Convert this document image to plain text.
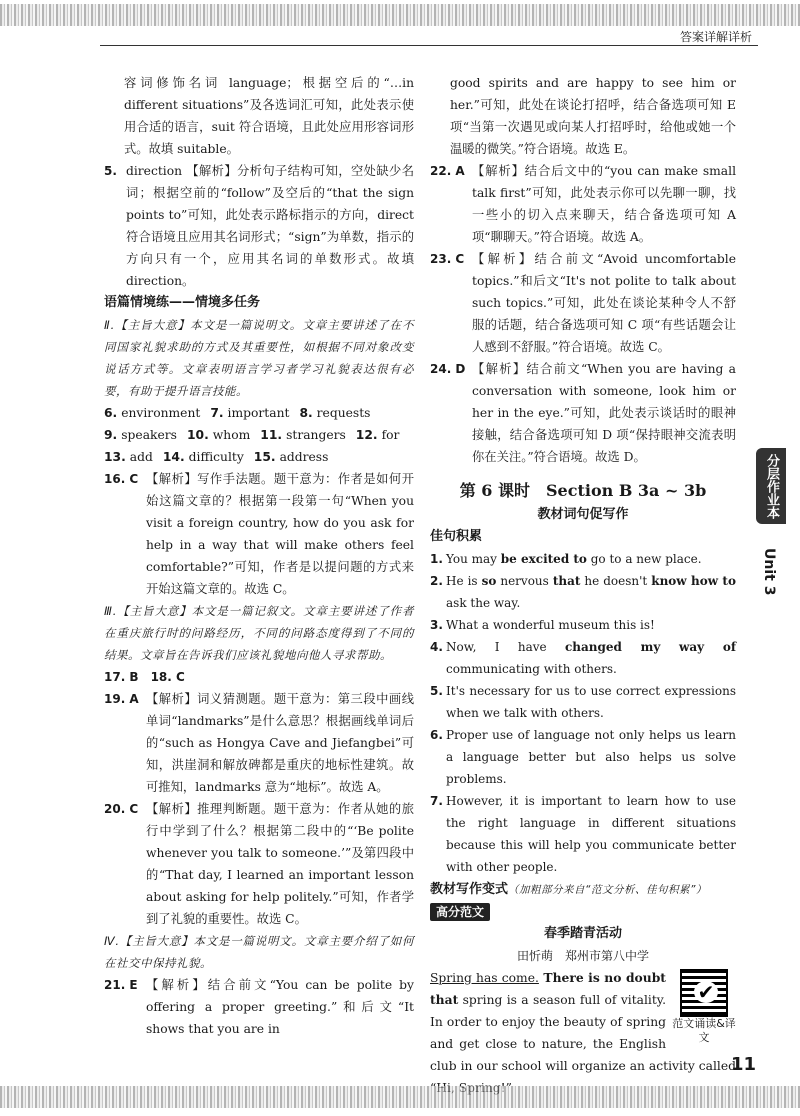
答案详解详析
容词修饰名词 language；根据空后的“…in different situations”及各选词汇可知，此处表示使用合适的语言，suit 符合语境，且此处应用形容词形式。故填 suitable。
5. direction 【解析】分析句子结构可知，空处缺少名词；根据空前的“follow”及空后的“that the sign points to”可知，此处表示路标指示的方向，direct 符合语境且应用其名词形式；“sign”为单数，指示的方向只有一个，应用其名词的单数形式。故填 direction。
语篇情境练——情境多任务
Ⅱ.【主旨大意】本文是一篇说明文。文章主要讲述了在不同国家礼貌求助的方式及其重要性，如根据不同对象改变说话方式等。文章表明语言学习者学习礼貌表达很有必要，有助于提升语言技能。
6. environment 7. important 8. requests
9. speakers 10. whom 11. strangers 12. for
13. add 14. difficulty 15. address
16. C 【解析】写作手法题。题干意为：作者是如何开始这篇文章的？根据第一段第一句“When you visit a foreign country, how do you ask for help in a way that will make others feel comfortable?”可知，作者是以提问题的方式来开始这篇文章的。故选 C。
Ⅲ.【主旨大意】本文是一篇记叙文。文章主要讲述了作者在重庆旅行时的问路经历，不同的问路态度得到了不同的结果。文章旨在告诉我们应该礼貌地向他人寻求帮助。
17. B　18. C
19. A 【解析】词义猜测题。题干意为：第三段中画线单词“landmarks”是什么意思？根据画线单词后的“such as Hongya Cave and Jiefangbei”可知，洪崖洞和解放碑都是重庆的地标性建筑。故可推知，landmarks 意为“地标”。故选 A。
20. C 【解析】推理判断题。题干意为：作者从她的旅行中学到了什么？根据第二段中的“‘Be polite whenever you talk to someone.’”及第四段中的“That day, I learned an important lesson about asking for help politely.”可知，作者学到了礼貌的重要性。故选 C。
Ⅳ.【主旨大意】本文是一篇说明文。文章主要介绍了如何在社交中保持礼貌。
21. E 【解析】结合前文“You can be polite by offering a proper greeting.”和后文“It shows that you are in
good spirits and are happy to see him or her.”可知，此处在谈论打招呼，结合备选项可知 E 项“当第一次遇见或向某人打招呼时，给他或她一个温暖的微笑。”符合语境。故选 E。
22. A 【解析】结合后文中的“you can make small talk first”可知，此处表示你可以先聊一聊，找一些小的切入点来聊天，结合备选项可知 A 项“聊聊天。”符合语境。故选 A。
23. C 【解析】结合前文“Avoid uncomfortable topics.”和后文“It's not polite to talk about such topics.”可知，此处在谈论某种令人不舒服的话题，结合备选项可知 C 项“有些话题会让人感到不舒服。”符合语境。故选 C。
24. D 【解析】结合前文“When you are having a conversation with someone, look him or her in the eye.”可知，此处表示谈话时的眼神接触，结合备选项可知 D 项“保持眼神交流表明你在关注。”符合语境。故选 D。
第 6 课时　Section B 3a ~ 3b
教材词句促写作
佳句积累
1. You may be excited to go to a new place.
2. He is so nervous that he doesn't know how to ask the way.
3. What a wonderful museum this is!
4. Now, I have changed my way of communicating with others.
5. It's necessary for us to use correct expressions when we talk with others.
6. Proper use of language not only helps us learn a language better but also helps us solve problems.
7. However, it is important to learn how to use the right language in different situations because this will help you communicate better with other people.
教材写作变式（加粗部分来自“范文分析、佳句积累”）
高分范文
春季踏青活动
田忻萌　郑州市第八中学
✔
范文诵读&译文
Spring has come. There is no doubt that spring is a season full of vitality. In order to enjoy the beauty of spring and get close to nature, the English club in our school will organize an activity called
分层作业本
Unit 3
11
